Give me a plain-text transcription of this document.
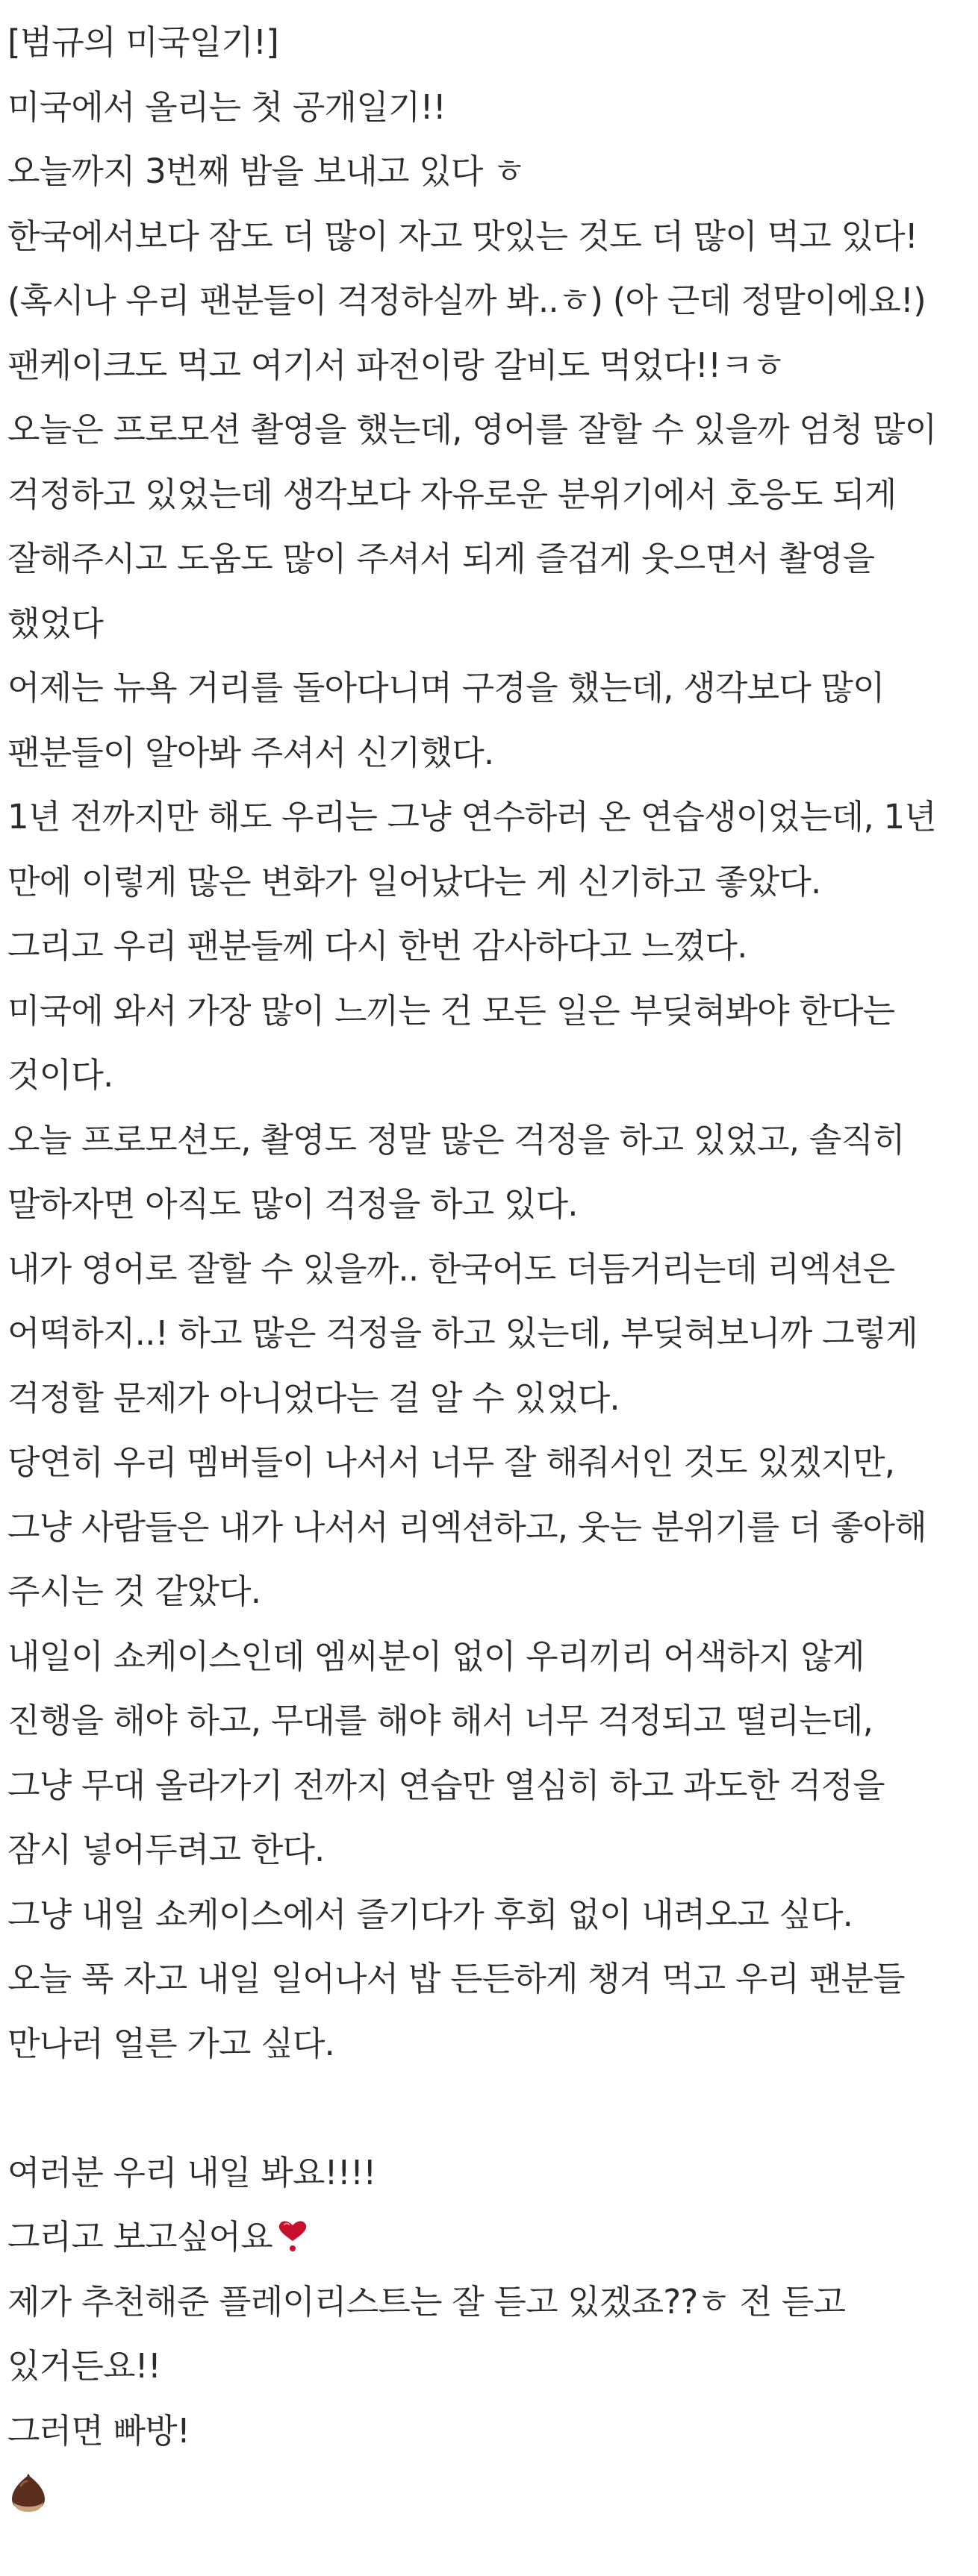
[범규의 미국일기!]
미국에서 올리는 첫 공개일기!!
오늘까지 3번째 밤을 보내고 있다 ㅎ
한국에서보다 잠도 더 많이 자고 맛있는 것도 더 많이 먹고 있다!
(혹시나 우리 팬분들이 걱정하실까 봐..ㅎ) (아 근데 정말이에요!)
팬케이크도 먹고 여기서 파전이랑 갈비도 먹었다!!ㅋㅎ
오늘은 프로모션 촬영을 했는데, 영어를 잘할 수 있을까 엄청 많이
걱정하고 있었는데 생각보다 자유로운 분위기에서 호응도 되게
잘해주시고 도움도 많이 주셔서 되게 즐겁게 웃으면서 촬영을
했었다
어제는 뉴욕 거리를 돌아다니며 구경을 했는데, 생각보다 많이
팬분들이 알아봐 주셔서 신기했다.
1년 전까지만 해도 우리는 그냥 연수하러 온 연습생이었는데, 1년
만에 이렇게 많은 변화가 일어났다는 게 신기하고 좋았다.
그리고 우리 팬분들께 다시 한번 감사하다고 느꼈다.
미국에 와서 가장 많이 느끼는 건 모든 일은 부딪혀봐야 한다는
것이다.
오늘 프로모션도, 촬영도 정말 많은 걱정을 하고 있었고, 솔직히
말하자면 아직도 많이 걱정을 하고 있다.
내가 영어로 잘할 수 있을까.. 한국어도 더듬거리는데 리엑션은
어떡하지..! 하고 많은 걱정을 하고 있는데, 부딪혀보니까 그렇게
걱정할 문제가 아니었다는 걸 알 수 있었다.
당연히 우리 멤버들이 나서서 너무 잘 해줘서인 것도 있겠지만,
그냥 사람들은 내가 나서서 리엑션하고, 웃는 분위기를 더 좋아해
주시는 것 같았다.
내일이 쇼케이스인데 엠씨분이 없이 우리끼리 어색하지 않게
진행을 해야 하고, 무대를 해야 해서 너무 걱정되고 떨리는데,
그냥 무대 올라가기 전까지 연습만 열심히 하고 과도한 걱정을
잠시 넣어두려고 한다.
그냥 내일 쇼케이스에서 즐기다가 후회 없이 내려오고 싶다.
오늘 푹 자고 내일 일어나서 밥 든든하게 챙겨 먹고 우리 팬분들
만나러 얼른 가고 싶다.
여러분 우리 내일 봐요!!!!
그리고 보고싶어요
제가 추천해준 플레이리스트는 잘 듣고 있겠죠??ㅎ 전 듣고
있거든요!!
그러면 빠방!
